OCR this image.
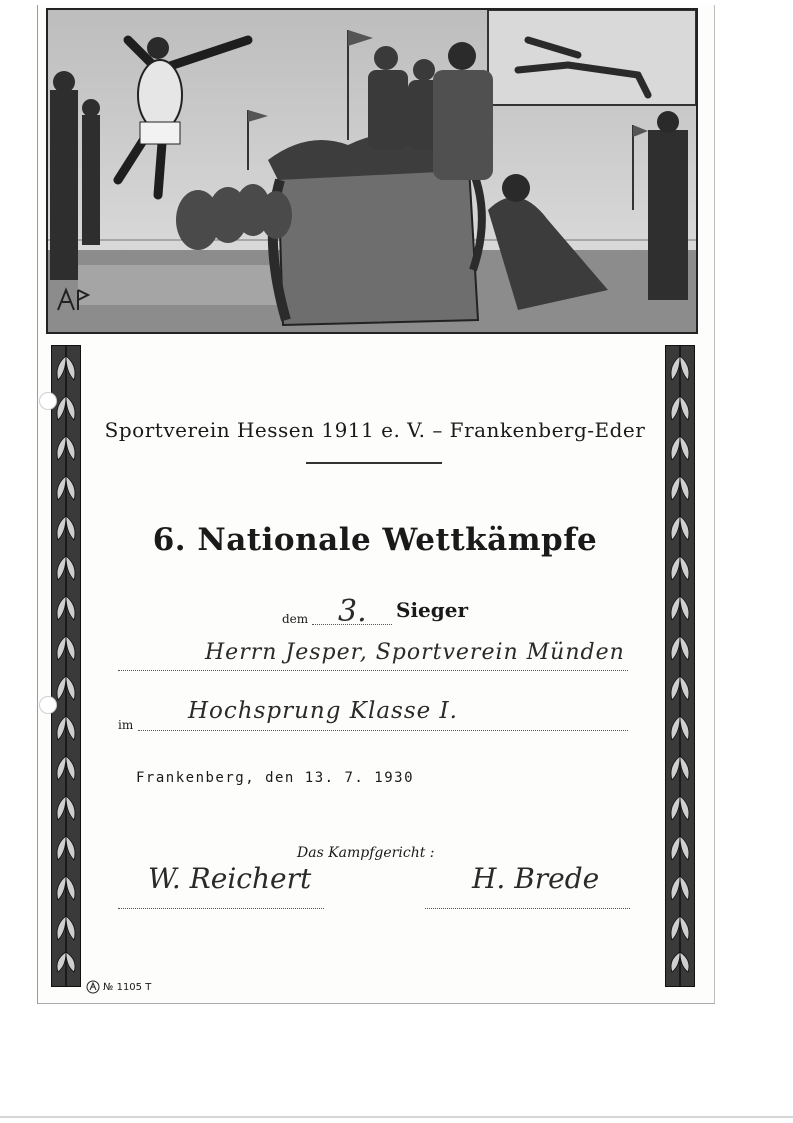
Sportverein Hessen 1911 e. V. – Frankenberg-Eder
6. Nationale Wettkämpfe
dem 3. Sieger
Herrn Jesper, Sportverein Münden
im
Hochsprung Klasse I.
Frankenberg, den 13. 7. 1930
Das Kampfgericht :
W. Reichert	H. Brede
№ 1105 T
